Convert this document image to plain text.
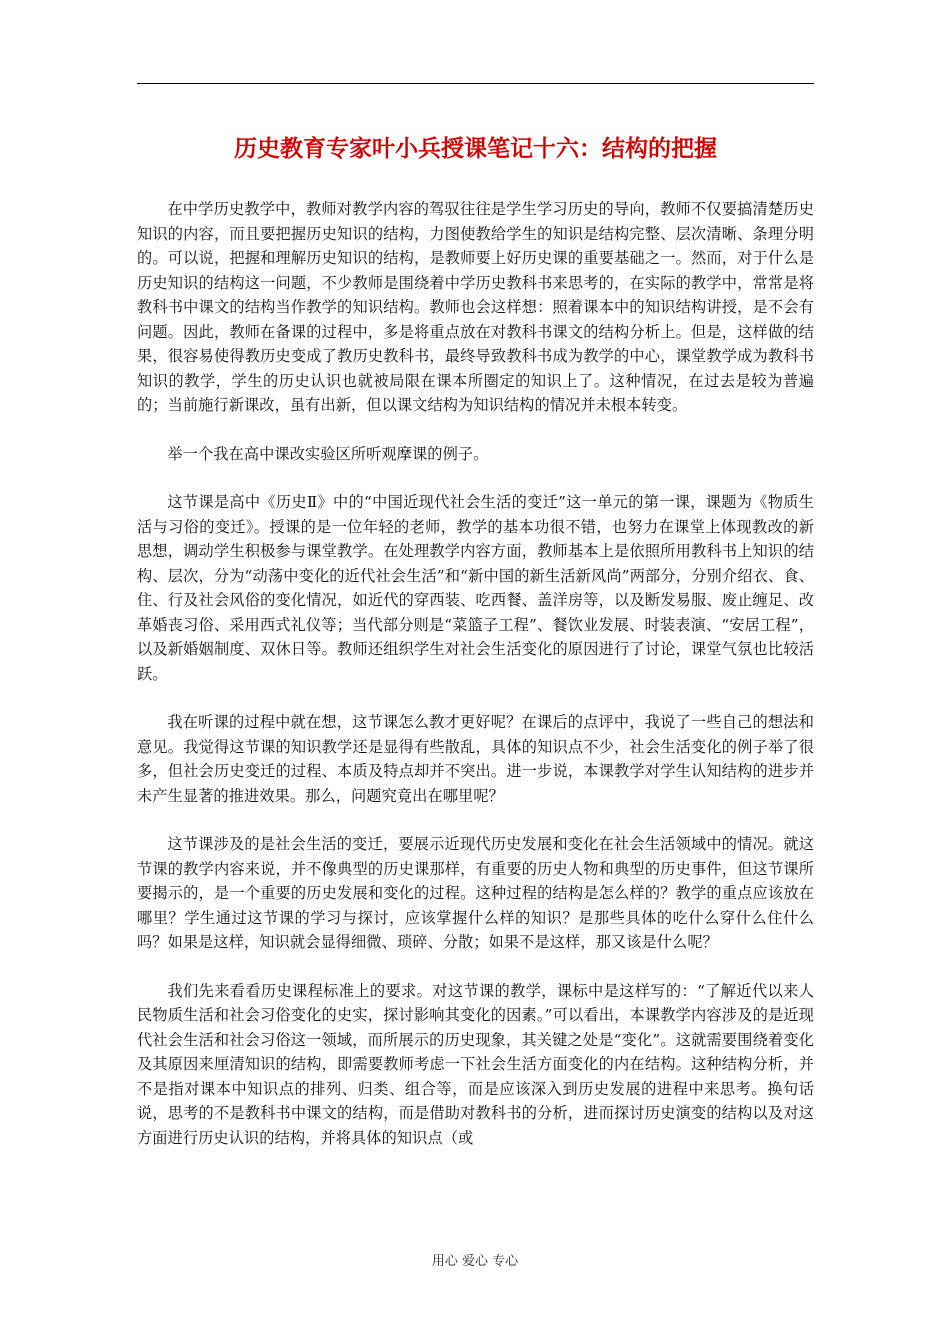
历史教育专家叶小兵授课笔记十六：结构的把握

在中学历史教学中，教师对教学内容的驾驭往往是学生学习历史的导向，教师不仅要搞清楚历史知识的内容，而且要把握历史知识的结构，力图使教给学生的知识是结构完整、层次清晰、条理分明的。可以说，把握和理解历史知识的结构，是教师要上好历史课的重要基础之一。然而，对于什么是历史知识的结构这一问题，不少教师是围绕着中学历史教科书来思考的，在实际的教学中，常常是将教科书中课文的结构当作教学的知识结构。教师也会这样想：照着课本中的知识结构讲授，是不会有问题。因此，教师在备课的过程中，多是将重点放在对教科书课文的结构分析上。但是，这样做的结果，很容易使得教历史变成了教历史教科书，最终导致教科书成为教学的中心，课堂教学成为教科书知识的教学，学生的历史认识也就被局限在课本所圈定的知识上了。这种情况，在过去是较为普遍的；当前施行新课改，虽有出新，但以课文结构为知识结构的情况并未根本转变。

举一个我在高中课改实验区所听观摩课的例子。

这节课是高中《历史Ⅱ》中的“中国近现代社会生活的变迁”这一单元的第一课，课题为《物质生活与习俗的变迁》。授课的是一位年轻的老师，教学的基本功很不错，也努力在课堂上体现教改的新思想，调动学生积极参与课堂教学。在处理教学内容方面，教师基本上是依照所用教科书上知识的结构、层次，分为“动荡中变化的近代社会生活”和“新中国的新生活新风尚”两部分，分别介绍衣、食、住、行及社会风俗的变化情况，如近代的穿西装、吃西餐、盖洋房等，以及断发易服、废止缠足、改革婚丧习俗、采用西式礼仪等；当代部分则是“菜篮子工程”、餐饮业发展、时装表演、“安居工程”，以及新婚姻制度、双休日等。教师还组织学生对社会生活变化的原因进行了讨论，课堂气氛也比较活跃。

我在听课的过程中就在想，这节课怎么教才更好呢？在课后的点评中，我说了一些自己的想法和意见。我觉得这节课的知识教学还是显得有些散乱，具体的知识点不少，社会生活变化的例子举了很多，但社会历史变迁的过程、本质及特点却并不突出。进一步说，本课教学对学生认知结构的进步并未产生显著的推进效果。那么，问题究竟出在哪里呢？

这节课涉及的是社会生活的变迁，要展示近现代历史发展和变化在社会生活领域中的情况。就这节课的教学内容来说，并不像典型的历史课那样，有重要的历史人物和典型的历史事件，但这节课所要揭示的，是一个重要的历史发展和变化的过程。这种过程的结构是怎么样的？教学的重点应该放在哪里？学生通过这节课的学习与探讨，应该掌握什么样的知识？是那些具体的吃什么穿什么住什么吗？如果是这样，知识就会显得细微、琐碎、分散；如果不是这样，那又该是什么呢？

我们先来看看历史课程标准上的要求。对这节课的教学，课标中是这样写的：“了解近代以来人民物质生活和社会习俗变化的史实，探讨影响其变化的因素。”可以看出，本课教学内容涉及的是近现代社会生活和社会习俗这一领域，而所展示的历史现象，其关键之处是“变化”。这就需要围绕着变化及其原因来厘清知识的结构，即需要教师考虑一下社会生活方面变化的内在结构。这种结构分析，并不是指对课本中知识点的排列、归类、组合等，而是应该深入到历史发展的进程中来思考。换句话说，思考的不是教科书中课文的结构，而是借助对教科书的分析，进而探讨历史演变的结构以及对这方面进行历史认识的结构，并将具体的知识点（或

用心 爱心 专心
